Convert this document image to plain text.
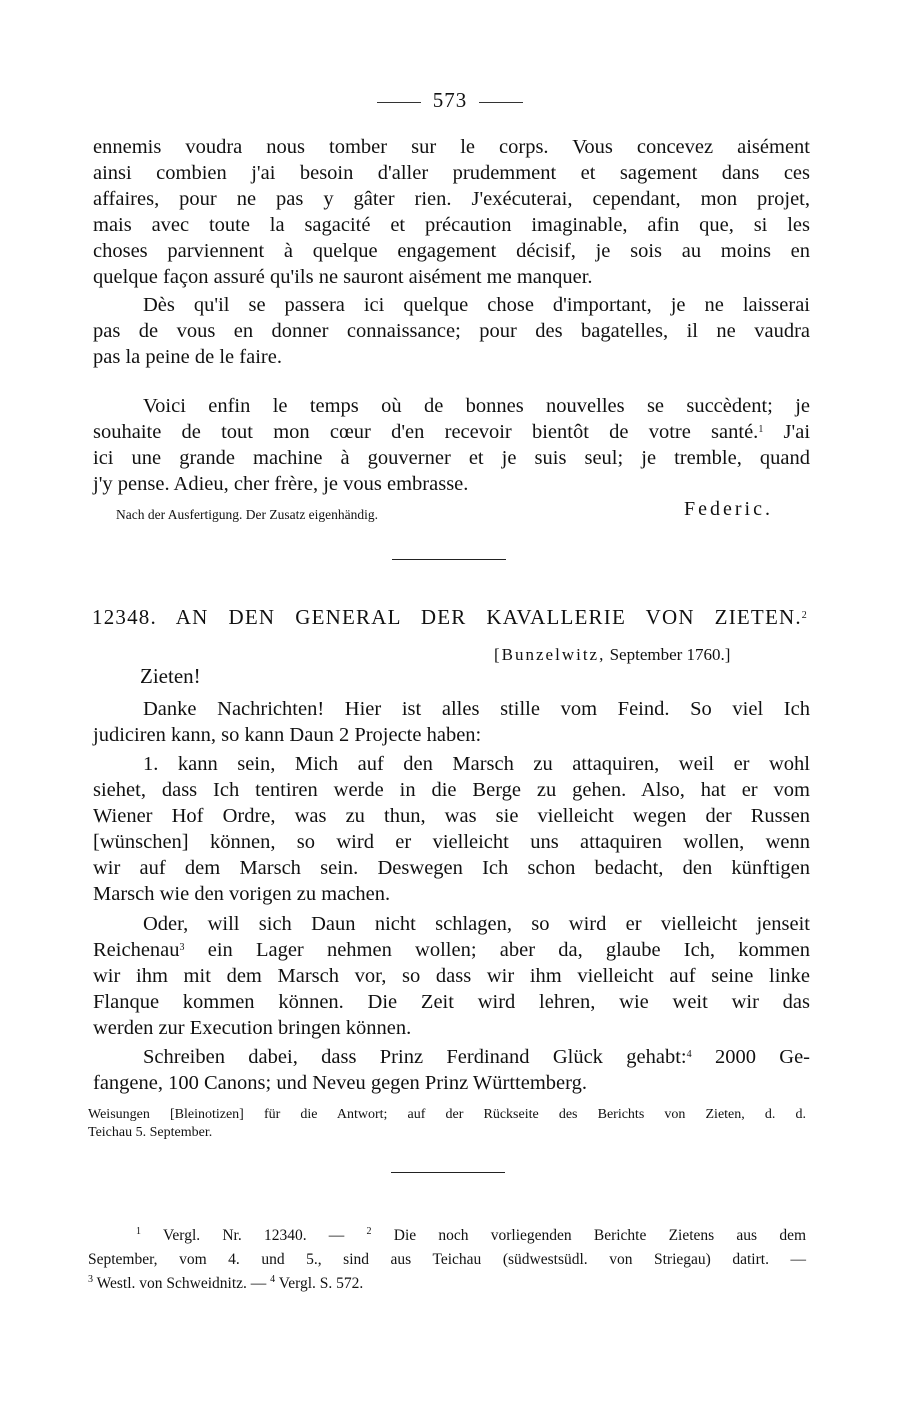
573
ennemis voudra nous tomber sur le corps. Vous concevez aisément
ainsi combien j'ai besoin d'aller prudemment et sagement dans ces
affaires, pour ne pas y gâter rien. J'exécuterai, cependant, mon projet,
mais avec toute la sagacité et précaution imaginable, afin que, si les
choses parviennent à quelque engagement décisif, je sois au moins en
quelque façon assuré qu'ils ne sauront aisément me manquer.
Dès qu'il se passera ici quelque chose d'important, je ne laisserai
pas de vous en donner connaissance; pour des bagatelles, il ne vaudra
pas la peine de le faire.
Voici enfin le temps où de bonnes nouvelles se succèdent; je
souhaite de tout mon cœur d'en recevoir bientôt de votre santé.$^1$ J'ai
ici une grande machine à gouverner et je suis seul; je tremble, quand
j'y pense. Adieu, cher frère, je vous embrasse.
Nach der Ausfertigung. Der Zusatz eigenhändig.	Federic.
12348. AN DEN GENERAL DER KAVALLERIE VON ZIETEN.$^2$
[Bunzelwitz, September 1760.]
Zieten!
Danke Nachrichten! Hier ist alles stille vom Feind. So viel Ich
judiciren kann, so kann Daun 2 Projecte haben:
1. kann sein, Mich auf den Marsch zu attaquiren, weil er wohl
siehet, dass Ich tentiren werde in die Berge zu gehen. Also, hat er vom
Wiener Hof Ordre, was zu thun, was sie vielleicht wegen der Russen
[wünschen] können, so wird er vielleicht uns attaquiren wollen, wenn
wir auf dem Marsch sein. Deswegen Ich schon bedacht, den künftigen
Marsch wie den vorigen zu machen.
Oder, will sich Daun nicht schlagen, so wird er vielleicht jenseit
Reichenau$^3$ ein Lager nehmen wollen; aber da, glaube Ich, kommen
wir ihm mit dem Marsch vor, so dass wir ihm vielleicht auf seine linke
Flanque kommen können. Die Zeit wird lehren, wie weit wir das
werden zur Execution bringen können.
Schreiben dabei, dass Prinz Ferdinand Glück gehabt:$^4$ 2000 Ge-
fangene, 100 Canons; und Neveu gegen Prinz Württemberg.
Weisungen [Bleinotizen] für die Antwort; auf der Rückseite des Berichts von Zieten, d. d.
Teichau 5. September.
$^1$ Vergl. Nr. 12340. — $^2$ Die noch vorliegenden Berichte Zietens aus dem
September, vom 4. und 5., sind aus Teichau (südwestsüdl. von Striegau) datirt. —
$^3$ Westl. von Schweidnitz. — $^4$ Vergl. S. 572.
